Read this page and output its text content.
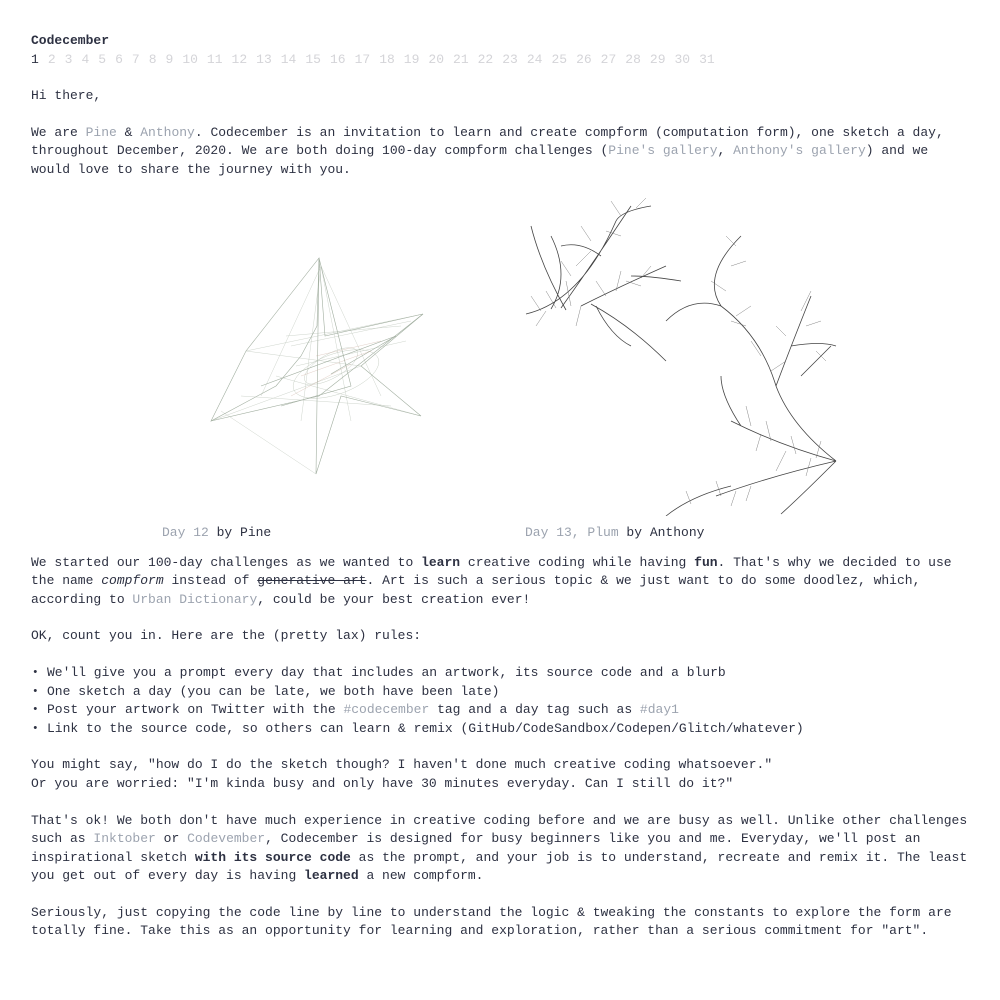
Codecember

1 2 3 4 5 6 7 8 9 10 11 12 13 14 15 16 17 18 19 20 21 22 23 24 25 26 27 28 29 30 31

Hi there,

We are Pine & Anthony. Codecember is an invitation to learn and create compform (computation form), one sketch a day, throughout December, 2020. We are both doing 100-day compform challenges (Pine's gallery, Anthony's gallery) and we would love to share the journey with you.

Day 12 by Pine	Day 13, Plum by Anthony

We started our 100-day challenges as we wanted to learn creative coding while having fun. That's why we decided to use the name compform instead of generative art. Art is such a serious topic & we just want to do some doodlez, which, according to Urban Dictionary, could be your best creation ever!

OK, count you in. Here are the (pretty lax) rules:

• We'll give you a prompt every day that includes an artwork, its source code and a blurb
• One sketch a day (you can be late, we both have been late)
• Post your artwork on Twitter with the #codecember tag and a day tag such as #day1
• Link to the source code, so others can learn & remix (GitHub/CodeSandbox/Codepen/Glitch/whatever)

You might say, "how do I do the sketch though? I haven't done much creative coding whatsoever."

Or you are worried: "I'm kinda busy and only have 30 minutes everyday. Can I still do it?"

That's ok! We both don't have much experience in creative coding before and we are busy as well. Unlike other challenges such as Inktober or Codevember, Codecember is designed for busy beginners like you and me. Everyday, we'll post an inspirational sketch with its source code as the prompt, and your job is to understand, recreate and remix it. The least you get out of every day is having learned a new compform.

Seriously, just copying the code line by line to understand the logic & tweaking the constants to explore the form are totally fine. Take this as an opportunity for learning and exploration, rather than a serious commitment for "art".
